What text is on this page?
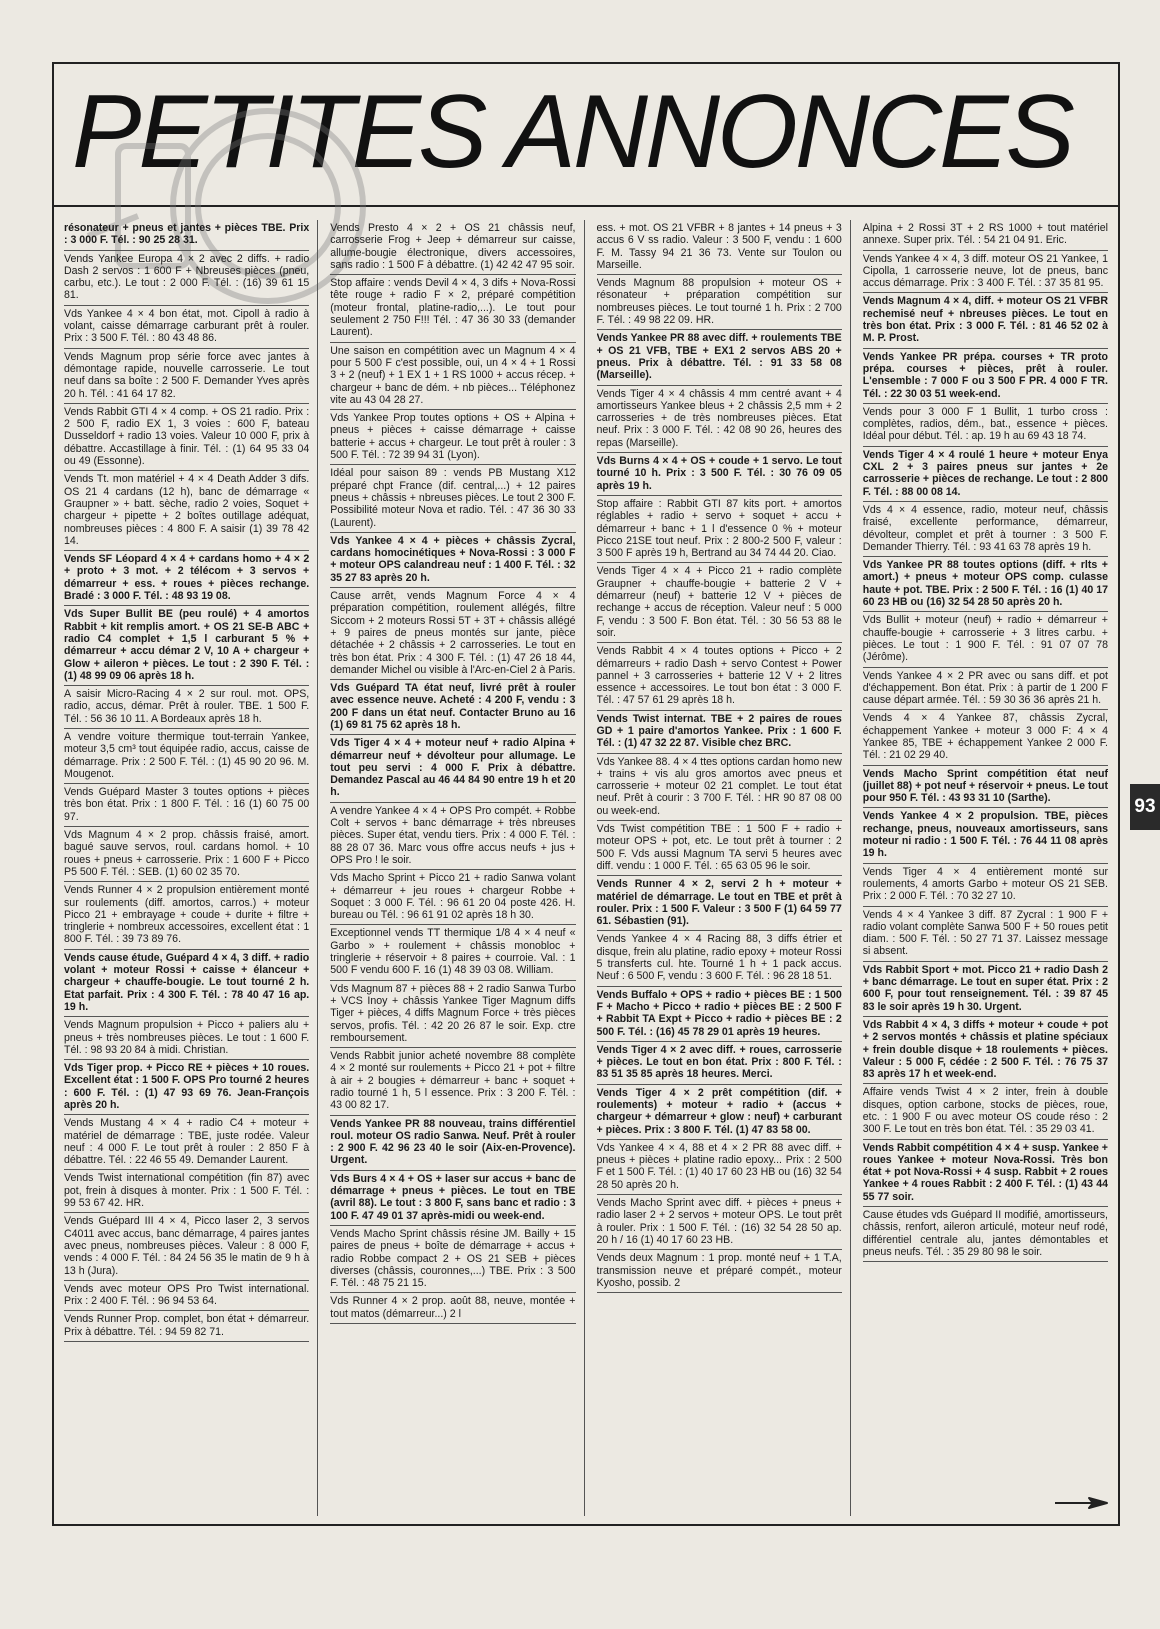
PETITES ANNONCES

résonateur + pneus et jantes + pièces TBE. Prix : 3 000 F. Tél. : 90 25 28 31.

Vends Yankee Europa 4 × 2 avec 2 diffs. + radio Dash 2 servos : 1 600 F + Nbreuses pièces (pneu, carbu, etc.). Le tout : 2 000 F. Tél. : (16) 39 61 15 81.

Vds Yankee 4 × 4 bon état, mot. Cipoll à radio à volant, caisse démarrage carburant prêt à rouler. Prix : 3 500 F. Tél. : 80 43 48 86.

Vends Magnum prop série force avec jantes à démontage rapide, nouvelle carrosserie. Le tout neuf dans sa boîte : 2 500 F. Demander Yves après 20 h. Tél. : 41 64 17 82.

Vends Rabbit GTI 4 × 4 comp. + OS 21 radio. Prix : 2 500 F, radio EX 1, 3 voies : 600 F, bateau Dusseldorf + radio 13 voies. Valeur 10 000 F, prix à débattre. Accastillage à finir. Tél. : (1) 64 95 33 04 ou 49 (Essonne).

Vends Tt. mon matériel + 4 × 4 Death Adder 3 difs. OS 21 4 cardans (12 h), banc de démarrage « Graupner » + batt. sèche, radio 2 voies, Soquet + chargeur + pipette + 2 boîtes outillage adéquat, nombreuses pièces : 4 800 F. A saisir (1) 39 78 42 14.

Vends SF Léopard 4 × 4 + cardans homo + 4 × 2 + proto + 3 mot. + 2 télécom + 3 servos + démarreur + ess. + roues + pièces rechange. Bradé : 3 000 F. Tél. : 48 93 19 08.

Vds Super Bullit BE (peu roulé) + 4 amortos Rabbit + kit remplis amort. + OS 21 SE-B ABC + radio C4 complet + 1,5 l carburant 5 % + démarreur + accu démar 2 V, 10 A + chargeur + Glow + aileron + pièces. Le tout : 2 390 F. Tél. : (1) 48 99 09 06 après 18 h.

A saisir Micro-Racing 4 × 2 sur roul. mot. OPS, radio, accus, démar. Prêt à rouler. TBE. 1 500 F. Tél. : 56 36 10 11. A Bordeaux après 18 h.

A vendre voiture thermique tout-terrain Yankee, moteur 3,5 cm³ tout équipée radio, accus, caisse de démarrage. Prix : 2 500 F. Tél. : (1) 45 90 20 96. M. Mougenot.

Vends Guépard Master 3 toutes options + pièces très bon état. Prix : 1 800 F. Tél. : 16 (1) 60 75 00 97.

Vds Magnum 4 × 2 prop. châssis fraisé, amort. bagué sauve servos, roul. cardans homol. + 10 roues + pneus + carrosserie. Prix : 1 600 F + Picco P5 500 F. Tél. : SEB. (1) 60 02 35 70.

Vends Runner 4 × 2 propulsion entièrement monté sur roulements (diff. amortos, carros.) + moteur Picco 21 + embrayage + coude + durite + filtre + tringlerie + nombreux accessoires, excellent état : 1 800 F. Tél. : 39 73 89 76.

Vends cause étude, Guépard 4 × 4, 3 diff. + radio volant + moteur Rossi + caisse + élanceur + chargeur + chauffe-bougie. Le tout tourné 2 h. Etat parfait. Prix : 4 300 F. Tél. : 78 40 47 16 ap. 19 h.

Vends Magnum propulsion + Picco + paliers alu + pneus + très nombreuses pièces. Le tout : 1 600 F. Tél. : 98 93 20 84 à midi. Christian.

Vds Tiger prop. + Picco RE + pièces + 10 roues. Excellent état : 1 500 F. OPS Pro tourné 2 heures : 600 F. Tél. : (1) 47 93 69 76. Jean-François après 20 h.

Vends Mustang 4 × 4 + radio C4 + moteur + matériel de démarrage : TBE, juste rodée. Valeur neuf : 4 000 F. Le tout prêt à rouler : 2 850 F à débattre. Tél. : 22 46 55 49. Demander Laurent.

Vends Twist international compétition (fin 87) avec pot, frein à disques à monter. Prix : 1 500 F. Tél. : 99 53 67 42. HR.

Vends Guépard III 4 × 4, Picco laser 2, 3 servos C4011 avec accus, banc démarrage, 4 paires jantes avec pneus, nombreuses pièces. Valeur : 8 000 F, vends : 4 000 F. Tél. : 84 24 56 35 le matin de 9 h à 13 h (Jura).

Vends avec moteur OPS Pro Twist international. Prix : 2 400 F. Tél. : 96 94 53 64.

Vends Runner Prop. complet, bon état + démarreur. Prix à débattre. Tél. : 94 59 82 71.

Vends Presto 4 × 2 + OS 21 châssis neuf, carrosserie Frog + Jeep + démarreur sur caisse, allume-bougie électronique, divers accessoires, sans radio : 1 500 F à débattre. (1) 42 42 47 95 soir.

Stop affaire : vends Devil 4 × 4, 3 difs + Nova-Rossi tête rouge + radio F × 2, préparé compétition (moteur frontal, platine-radio,...). Le tout pour seulement 2 750 F!!! Tél. : 47 36 30 33 (demander Laurent).

Une saison en compétition avec un Magnum 4 × 4 pour 5 500 F c'est possible, oui, un 4 × 4 + 1 Rossi 3 + 2 (neuf) + 1 EX 1 + 1 RS 1000 + accus récep. + chargeur + banc de dém. + nb pièces... Téléphonez vite au 43 04 28 27.

Vds Yankee Prop toutes options + OS + Alpina + pneus + pièces + caisse démarrage + caisse batterie + accus + chargeur. Le tout prêt à rouler : 3 500 F. Tél. : 72 39 94 31 (Lyon).

Idéal pour saison 89 : vends PB Mustang X12 préparé chpt France (dif. central,...) + 12 paires pneus + châssis + nbreuses pièces. Le tout 2 300 F. Possibilité moteur Nova et radio. Tél. : 47 36 30 33 (Laurent).

Vds Yankee 4 × 4 + pièces + châssis Zycral, cardans homocinétiques + Nova-Rossi : 3 000 F + moteur OPS calandreau neuf : 1 400 F. Tél. : 32 35 27 83 après 20 h.

Cause arrêt, vends Magnum Force 4 × 4 préparation compétition, roulement allégés, filtre Siccom + 2 moteurs Rossi 5T + 3T + châssis allégé + 9 paires de pneus montés sur jante, pièce détachée + 2 châssis + 2 carrosseries. Le tout en très bon état. Prix : 4 300 F. Tél. : (1) 47 26 18 44, demander Michel ou visible à l'Arc-en-Ciel 2 à Paris.

Vds Guépard TA état neuf, livré prêt à rouler avec essence neuve. Acheté : 4 200 F, vendu : 3 200 F dans un état neuf. Contacter Bruno au 16 (1) 69 81 75 62 après 18 h.

Vds Tiger 4 × 4 + moteur neuf + radio Alpina + démarreur neuf + dévolteur pour allumage. Le tout peu servi : 4 000 F. Prix à débattre. Demandez Pascal au 46 44 84 90 entre 19 h et 20 h.

A vendre Yankee 4 × 4 + OPS Pro compét. + Robbe Colt + servos + banc démarrage + très nbreuses pièces. Super état, vendu tiers. Prix : 4 000 F. Tél. : 88 28 07 36. Marc vous offre accus neufs + jus + OPS Pro ! le soir.

Vds Macho Sprint + Picco 21 + radio Sanwa volant + démarreur + jeu roues + chargeur Robbe + Soquet : 3 000 F. Tél. : 96 61 20 04 poste 426. H. bureau ou Tél. : 96 61 91 02 après 18 h 30.

Exceptionnel vends TT thermique 1/8 4 × 4 neuf « Garbo » + roulement + châssis monobloc + tringlerie + réservoir + 8 paires + courroie. Val. : 1 500 F vendu 600 F. 16 (1) 48 39 03 08. William.

Vds Magnum 87 + pièces 88 + 2 radio Sanwa Turbo + VCS Inoy + châssis Yankee Tiger Magnum diffs Tiger + pièces, 4 diffs Magnum Force + très pièces servos, profis. Tél. : 42 20 26 87 le soir. Exp. ctre remboursement.

Vends Rabbit junior acheté novembre 88 complète 4 × 2 monté sur roulements + Picco 21 + pot + filtre à air + 2 bougies + démarreur + banc + soquet + radio tourné 1 h, 5 l essence. Prix : 3 200 F. Tél. : 43 00 82 17.

Vends Yankee PR 88 nouveau, trains différentiel roul. moteur OS radio Sanwa. Neuf. Prêt à rouler : 2 900 F. 42 96 23 40 le soir (Aix-en-Provence). Urgent.

Vds Burs 4 × 4 + OS + laser sur accus + banc de démarrage + pneus + pièces. Le tout en TBE (avril 88). Le tout : 3 800 F, sans banc et radio : 3 100 F. 47 49 01 37 après-midi ou week-end.

Vends Macho Sprint châssis résine JM. Bailly + 15 paires de pneus + boîte de démarrage + accus + radio Robbe compact 2 + OS 21 SEB + pièces diverses (châssis, couronnes,...) TBE. Prix : 3 500 F. Tél. : 48 75 21 15.

Vds Runner 4 × 2 prop. août 88, neuve, montée + tout matos (démarreur...) 2 l

ess. + mot. OS 21 VFBR + 8 jantes + 14 pneus + 3 accus 6 V ss radio. Valeur : 3 500 F, vendu : 1 600 F. M. Tassy 94 21 36 73. Vente sur Toulon ou Marseille.

Vends Magnum 88 propulsion + moteur OS + résonateur + préparation compétition sur nombreuses pièces. Le tout tourné 1 h. Prix : 2 700 F. Tél. : 49 98 22 09. HR.

Vends Yankee PR 88 avec diff. + roulements TBE + OS 21 VFB, TBE + EX1 2 servos ABS 20 + pneus. Prix à débattre. Tél. : 91 33 58 08 (Marseille).

Vends Tiger 4 × 4 châssis 4 mm centré avant + 4 amortisseurs Yankee bleus + 2 châssis 2,5 mm + 2 carrosseries + de très nombreuses pièces. Etat neuf. Prix : 3 000 F. Tél. : 42 08 90 26, heures des repas (Marseille).

Vds Burns 4 × 4 + OS + coude + 1 servo. Le tout tourné 10 h. Prix : 3 500 F. Tél. : 30 76 09 05 après 19 h.

Stop affaire : Rabbit GTI 87 kits port. + amortos réglables + radio + servo + soquet + accu + démarreur + banc + 1 l d'essence 0 % + moteur Picco 21SE tout neuf. Prix : 2 800-2 500 F, valeur : 3 500 F après 19 h, Bertrand au 34 74 44 20. Ciao.

Vends Tiger 4 × 4 + Picco 21 + radio complète Graupner + chauffe-bougie + batterie 2 V + démarreur (neuf) + batterie 12 V + pièces de rechange + accus de réception. Valeur neuf : 5 000 F, vendu : 3 500 F. Bon état. Tél. : 30 56 53 88 le soir.

Vends Rabbit 4 × 4 toutes options + Picco + 2 démarreurs + radio Dash + servo Contest + Power pannel + 3 carrosseries + batterie 12 V + 2 litres essence + accessoires. Le tout bon état : 3 000 F. Tél. : 47 57 61 29 après 18 h.

Vends Twist internat. TBE + 2 paires de roues GD + 1 paire d'amortos Yankee. Prix : 1 600 F. Tél. : (1) 47 32 22 87. Visible chez BRC.

Vds Yankee 88. 4 × 4 ttes options cardan homo new + trains + vis alu gros amortos avec pneus et carrosserie + moteur 02 21 complet. Le tout état neuf. Prêt à courir : 3 700 F. Tél. : HR 90 87 08 00 ou week-end.

Vds Twist compétition TBE : 1 500 F + radio + moteur OPS + pot, etc. Le tout prêt à tourner : 2 500 F. Vds aussi Magnum TA servi 5 heures avec diff. vendu : 1 000 F. Tél. : 65 63 05 96 le soir.

Vends Runner 4 × 2, servi 2 h + moteur + matériel de démarrage. Le tout en TBE et prêt à rouler. Prix : 1 500 F. Valeur : 3 500 F (1) 64 59 77 61. Sébastien (91).

Vends Yankee 4 × 4 Racing 88, 3 diffs étrier et disque, frein alu platine, radio epoxy + moteur Rossi 5 transferts cul. hte. Tourné 1 h + 1 pack accus. Neuf : 6 500 F, vendu : 3 600 F. Tél. : 96 28 18 51.

Vends Buffalo + OPS + radio + pièces BE : 1 500 F + Macho + Picco + radio + pièces BE : 2 500 F + Rabbit TA Expt + Picco + radio + pièces BE : 2 500 F. Tél. : (16) 45 78 29 01 après 19 heures.

Vends Tiger 4 × 2 avec diff. + roues, carrosserie + pièces. Le tout en bon état. Prix : 800 F. Tél. : 83 51 35 85 après 18 heures. Merci.

Vends Tiger 4 × 2 prêt compétition (dif. + roulements) + moteur + radio + (accus + chargeur + démarreur + glow : neuf) + carburant + pièces. Prix : 3 800 F. Tél. (1) 47 83 58 00.

Vds Yankee 4 × 4, 88 et 4 × 2 PR 88 avec diff. + pneus + pièces + platine radio epoxy... Prix : 2 500 F et 1 500 F. Tél. : (1) 40 17 60 23 HB ou (16) 32 54 28 50 après 20 h.

Vends Macho Sprint avec diff. + pièces + pneus + radio laser 2 + 2 servos + moteur OPS. Le tout prêt à rouler. Prix : 1 500 F. Tél. : (16) 32 54 28 50 ap. 20 h / 16 (1) 40 17 60 23 HB.

Vends deux Magnum : 1 prop. monté neuf + 1 T.A, transmission neuve et préparé compét., moteur Kyosho, possib. 2

Alpina + 2 Rossi 3T + 2 RS 1000 + tout matériel annexe. Super prix. Tél. : 54 21 04 91. Eric.

Vends Yankee 4 × 4, 3 diff. moteur OS 21 Yankee, 1 Cipolla, 1 carrosserie neuve, lot de pneus, banc accus démarrage. Prix : 3 400 F. Tél. : 37 35 81 95.

Vends Magnum 4 × 4, diff. + moteur OS 21 VFBR rechemisé neuf + nbreuses pièces. Le tout en très bon état. Prix : 3 000 F. Tél. : 81 46 52 02 à M. P. Prost.

Vends Yankee PR prépa. courses + TR proto prépa. courses + pièces, prêt à rouler. L'ensemble : 7 000 F ou 3 500 F PR. 4 000 F TR. Tél. : 22 30 03 51 week-end.

Vends pour 3 000 F 1 Bullit, 1 turbo cross : complètes, radios, dém., bat., essence + pièces. Idéal pour début. Tél. : ap. 19 h au 69 43 18 74.

Vends Tiger 4 × 4 roulé 1 heure + moteur Enya CXL 2 + 3 paires pneus sur jantes + 2e carrosserie + pièces de rechange. Le tout : 2 800 F. Tél. : 88 00 08 14.

Vds 4 × 4 essence, radio, moteur neuf, châssis fraisé, excellente performance, démarreur, dévolteur, complet et prêt à tourner : 3 500 F. Demander Thierry. Tél. : 93 41 63 78 après 19 h.

Vds Yankee PR 88 toutes options (diff. + rlts + amort.) + pneus + moteur OPS comp. culasse haute + pot. TBE. Prix : 2 500 F. Tél. : 16 (1) 40 17 60 23 HB ou (16) 32 54 28 50 après 20 h.

Vds Bullit + moteur (neuf) + radio + démarreur + chauffe-bougie + carrosserie + 3 litres carbu. + pièces. Le tout : 1 900 F. Tél. : 91 07 07 78 (Jérôme).

Vends Yankee 4 × 2 PR avec ou sans diff. et pot d'échappement. Bon état. Prix : à partir de 1 200 F cause départ armée. Tél. : 59 30 36 36 après 21 h.

Vends 4 × 4 Yankee 87, châssis Zycral, échappement Yankee + moteur 3 000 F: 4 × 4 Yankee 85, TBE + échappement Yankee 2 000 F. Tél. : 21 02 29 40.

Vends Macho Sprint compétition état neuf (juillet 88) + pot neuf + réservoir + pneus. Le tout pour 950 F. Tél. : 43 93 31 10 (Sarthe).

Vends Yankee 4 × 2 propulsion. TBE, pièces rechange, pneus, nouveaux amortisseurs, sans moteur ni radio : 1 500 F. Tél. : 76 44 11 08 après 19 h.

Vends Tiger 4 × 4 entièrement monté sur roulements, 4 amorts Garbo + moteur OS 21 SEB. Prix : 2 000 F. Tél. : 70 32 27 10.

Vends 4 × 4 Yankee 3 diff. 87 Zycral : 1 900 F + radio volant complète Sanwa 500 F + 50 roues petit diam. : 500 F. Tél. : 50 27 71 37. Laissez message si absent.

Vds Rabbit Sport + mot. Picco 21 + radio Dash 2 + banc démarrage. Le tout en super état. Prix : 2 600 F, pour tout renseignement. Tél. : 39 87 45 83 le soir après 19 h 30. Urgent.

Vds Rabbit 4 × 4, 3 diffs + moteur + coude + pot + 2 servos montés + châssis et platine spéciaux + frein double disque + 18 roulements + pièces. Valeur : 5 000 F, cédée : 2 500 F. Tél. : 76 75 37 83 après 17 h et week-end.

Affaire vends Twist 4 × 2 inter, frein à double disques, option carbone, stocks de pièces, roue, etc. : 1 900 F ou avec moteur OS coude réso : 2 300 F. Le tout en très bon état. Tél. : 35 29 03 41.

Vends Rabbit compétition 4 × 4 + susp. Yankee + roues Yankee + moteur Nova-Rossi. Très bon état + pot Nova-Rossi + 4 susp. Rabbit + 2 roues Yankee + 4 roues Rabbit : 2 400 F. Tél. : (1) 43 44 55 77 soir.

Cause études vds Guépard II modifié, amortisseurs, châssis, renfort, aileron articulé, moteur neuf rodé, différentiel centrale alu, jantes démontables et pneus neufs. Tél. : 35 29 80 98 le soir.

93
